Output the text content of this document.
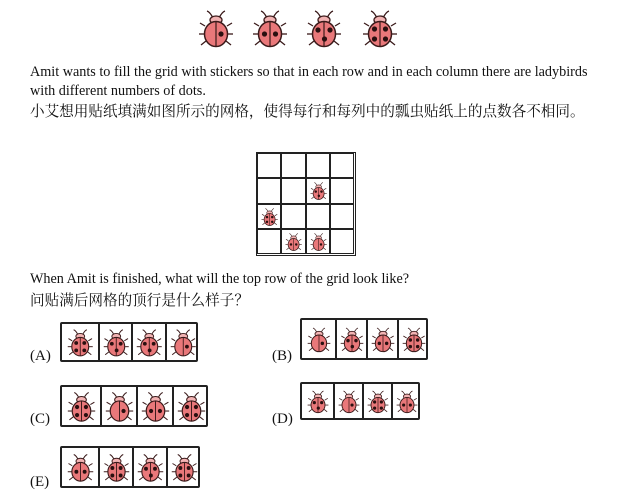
Amit wants to fill the grid with stickers so that in each row and in each column there are ladybirds with different numbers of dots.
小艾想用贴纸填满如图所示的网格，使得每行和每列中的瓢虫贴纸上的点数各不相同。
When Amit is finished, what will the top row of the grid look like?
问贴满后网格的顶行是什么样子？
(A)	(B)
(C)	(D)
(E)
